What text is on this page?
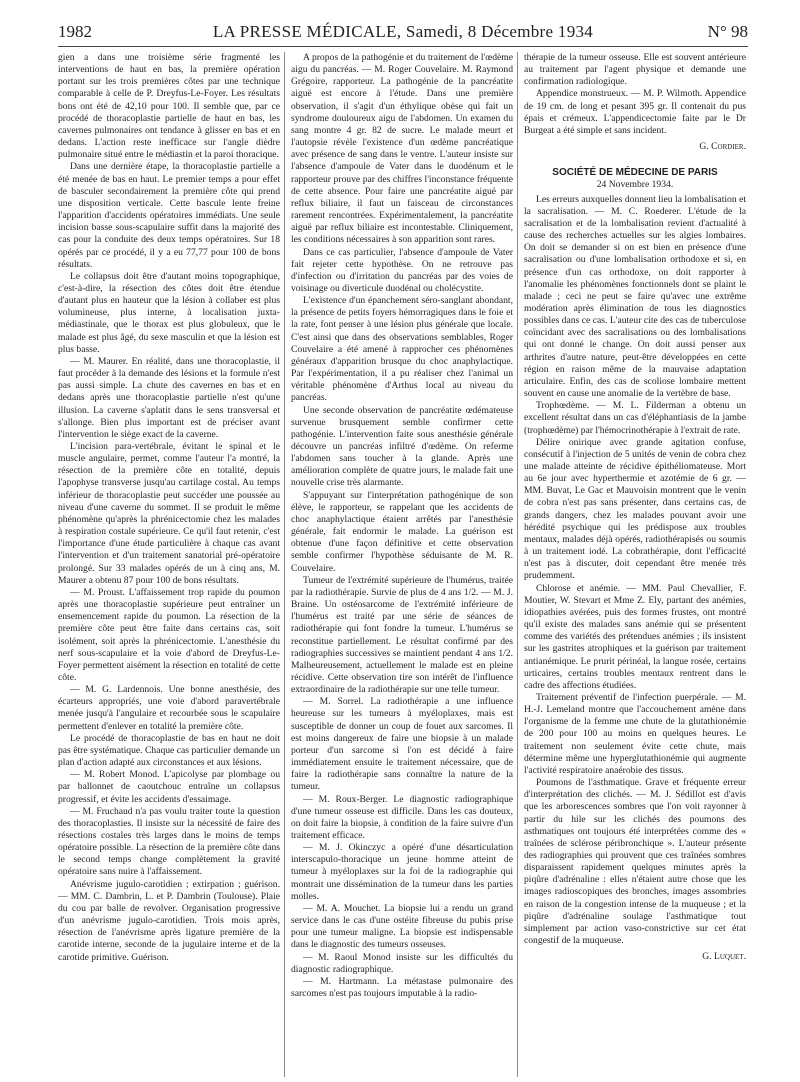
1982	LA PRESSE MÉDICALE, Samedi, 8 Décembre 1934	N° 98

gien a dans une troisième série fragmenté les interventions de haut en bas, la première opération portant sur les trois premières côtes par une technique comparable à celle de P. Dreyfus-Le-Foyer. Les résultats bons ont été de 42,10 pour 100. Il semble que, par ce procédé de thoracoplastie partielle de haut en bas, les cavernes pulmonaires ont tendance à glisser en bas et en dedans. L'action reste inefficace sur l'angle dièdre pulmonaire situé entre le médiastin et la paroi thoracique.

Dans une dernière étape, la thoracoplastie partielle a été menée de bas en haut. Le premier temps a pour effet de basculer secondairement la première côte qui prend une disposition verticale. Cette bascule lente freine l'apparition d'accidents opératoires immédiats. Une seule incision basse sous-scapulaire suffit dans la majorité des cas pour la conduite des deux temps opératoires. Sur 18 opérés par ce procédé, il y a eu 77,77 pour 100 de bons résultats.

Le collapsus doit être d'autant moins topographique, c'est-à-dire, la résection des côtes doit être étendue d'autant plus en hauteur que la lésion à collaber est plus volumineuse, plus interne, à localisation juxta-médiastinale, que le thorax est plus globuleux, que le malade est plus âgé, du sexe masculin et que la lésion est plus basse.

— M. Maurer. En réalité, dans une thoracoplastie, il faut procéder à la demande des lésions et la formule n'est pas aussi simple. La chute des cavernes en bas et en dedans après une thoracoplastie partielle n'est qu'une illusion. La caverne s'aplatit dans le sens transversal et s'allonge. Bien plus important est de préciser avant l'intervention le siège exact de la caverne.

L'incision para-vertébrale, évitant le spinal et le muscle angulaire, permet, comme l'auteur l'a montré, la résection de la première côte en totalité, depuis l'apophyse transverse jusqu'au cartilage costal. Au temps inférieur de thoracoplastie peut succéder une poussée au niveau d'une caverne du sommet. Il se produit le même phénomène qu'après la phrénicectomie chez les malades à respiration costale supérieure. Ce qu'il faut retenir, c'est l'importance d'une étude particulière à chaque cas avant l'intervention et d'un traitement sanatorial pré-opératoire prolongé. Sur 33 malades opérés de un à cinq ans, M. Maurer a obtenu 87 pour 100 de bons résultats.

— M. Proust. L'affaissement trop rapide du poumon après une thoracoplastie supérieure peut entraîner un ensemencement rapide du poumon. La résection de la première côte peut être faite dans certains cas, soit isolément, soit après la phrénicectomie. L'anesthésie du nerf sous-scapulaire et la voie d'abord de Dreyfus-Le-Foyer permettent aisément la résection en totalité de cette côte.

— M. G. Lardennois. Une bonne anesthésie, des écarteurs appropriés, une voie d'abord paravertébrale menée jusqu'à l'angulaire et recourbée sous le scapulaire permettent d'enlever en totalité la première côte.

Le procédé de thoracoplastie de bas en haut ne doit pas être systématique. Chaque cas particulier demande un plan d'action adapté aux circonstances et aux lésions.

— M. Robert Monod. L'apicolyse par plombage ou par ballonnet de caoutchouc entraîne un collapsus progressif, et évite les accidents d'essaimage.

— M. Fruchaud n'a pas voulu traiter toute la question des thoracoplasties. Il insiste sur la nécessité de faire des résections costales très larges dans le moins de temps opératoire possible. La résection de la première côte dans le second temps change complètement la gravité opératoire sans nuire à l'affaissement.

Anévrisme jugulo-carotidien ; extirpation ; guérison. — MM. C. Dambrin, L. et P. Dambrin (Toulouse). Plaie du cou par balle de revolver. Organisation progressive d'un anévrisme jugulo-carotidien. Trois mois après, résection de l'anévrisme après ligature première de la carotide interne, seconde de la jugulaire interne et de la carotide primitive. Guérison.

A propos de la pathogénie et du traitement de l'œdème aigu du pancréas. — M. Roger Couvelaire. M. Raymond Grégoire, rapporteur. La pathogénie de la pancréatite aiguë est encore à l'étude. Dans une première observation, il s'agit d'un éthylique obèse qui fait un syndrome douloureux aigu de l'abdomen. Un examen du sang montre 4 gr. 82 de sucre. Le malade meurt et l'autopsie révèle l'existence d'un œdème pancréatique avec présence de sang dans le ventre. L'auteur insiste sur l'absence d'ampoule de Vater dans le duodénum et le rapporteur prouve par des chiffres l'inconstance fréquente de cette absence. Pour faire une pancréatite aiguë par reflux biliaire, il faut un faisceau de circonstances rarement rencontrées. Expérimentalement, la pancréatite aiguë par reflux biliaire est incontestable. Cliniquement, les conditions nécessaires à son apparition sont rares.

Dans ce cas particulier, l'absence d'ampoule de Vater fait rejeter cette hypothèse. On ne retrouve pas d'infection ou d'irritation du pancréas par des voies de voisinage ou diverticule duodénal ou cholécystite.

L'existence d'un épanchement séro-sanglant abondant, la présence de petits foyers hémorragiques dans le foie et la rate, font penser à une lésion plus générale que locale. C'est ainsi que dans des observations semblables, Roger Couvelaire a été amené à rapprocher ces phénomènes généraux d'apparition brusque du choc anaphylactique. Par l'expérimentation, il a pu réaliser chez l'animal un véritable phénomène d'Arthus local au niveau du pancréas.

Une seconde observation de pancréatite œdémateuse survenue brusquement semble confirmer cette pathogénie. L'intervention faite sous anesthésie générale découvre un pancréas infiltré d'œdème. On referme l'abdomen sans toucher à la glande. Après une amélioration complète de quatre jours, le malade fait une nouvelle crise très alarmante.

S'appuyant sur l'interprétation pathogénique de son élève, le rapporteur, se rappelant que les accidents de choc anaphylactique étaient arrêtés par l'anesthésie générale, fait endormir le malade. La guérison est obtenue d'une façon définitive et cette observation semble confirmer l'hypothèse séduisante de M. R. Couvelaire.

Tumeur de l'extrémité supérieure de l'humérus, traitée par la radiothérapie. Survie de plus de 4 ans 1/2. — M. J. Braine. Un ostéosarcome de l'extrémité inférieure de l'humérus est traité par une série de séances de radiothérapie qui font fondre la tumeur. L'humérus se reconstitue partiellement. Le résultat confirmé par des radiographies successives se maintient pendant 4 ans 1/2. Malheureusement, actuellement le malade est en pleine récidive. Cette observation tire son intérêt de l'influence extraordinaire de la radiothérapie sur une telle tumeur.

— M. Sorrel. La radiothérapie a une influence heureuse sur les tumeurs à myéloplaxes, mais est susceptible de donner un coup de fouet aux sarcomes. Il est moins dangereux de faire une biopsie à un malade porteur d'un sarcome si l'on est décidé à faire immédiatement ensuite le traitement nécessaire, que de faire la radiothérapie sans connaître la nature de la tumeur.

— M. Roux-Berger. Le diagnostic radiographique d'une tumeur osseuse est difficile. Dans les cas douteux, on doit faire la biopsie, à condition de la faire suivre d'un traitement efficace.

— M. J. Okinczyc a opéré d'une désarticulation interscapulo-thoracique un jeune homme atteint de tumeur à myéloplaxes sur la foi de la radiographie qui montrait une dissémination de la tumeur dans les parties molles.

— M. A. Mouchet. La biopsie lui a rendu un grand service dans le cas d'une ostéite fibreuse du pubis prise pour une tumeur maligne. La biopsie est indispensable dans le diagnostic des tumeurs osseuses.

— M. Raoul Monod insiste sur les difficultés du diagnostic radiographique.

— M. Hartmann. La métastase pulmonaire des sarcomes n'est pas toujours imputable à la radio-

thérapie de la tumeur osseuse. Elle est souvent antérieure au traitement par l'agent physique et demande une confirmation radiologique.

Appendice monstrueux. — M. P. Wilmoth. Appendice de 19 cm. de long et pesant 395 gr. Il contenait du pus épais et crémeux. L'appendicectomie faite par le Dr Burgeat a été simple et sans incident.

G. Cordier.

SOCIÉTÉ DE MÉDECINE DE PARIS

24 Novembre 1934.

Les erreurs auxquelles donnent lieu la lombalisation et la sacralisation. — M. C. Roederer. L'étude de la sacralisation et de la lombalisation revient d'actualité à cause des recherches actuelles sur les algies lombaires. On doit se demander si on est bien en présence d'une sacralisation ou d'une lombalisation orthodoxe et si, en présence d'un cas orthodoxe, on doit rapporter à l'anomalie les phénomènes fonctionnels dont se plaint le malade ; ceci ne peut se faire qu'avec une extrême modération après élimination de tous les diagnostics possibles dans ce cas. L'auteur cite des cas de tuberculose coïncidant avec des sacralisations ou des lombalisations qui ont donné le change. On doit aussi penser aux arthrites d'autre nature, peut-être développées en cette région en raison même de la mauvaise adaptation articulaire. Enfin, des cas de scoliose lombaire mettent souvent en cause une anomalie de la vertèbre de base.

Trophœdème. — M. L. Filderman a obtenu un excellent résultat dans un cas d'éléphantiasis de la jambe (trophœdème) par l'hémocrinothérapie à l'extrait de rate.

Délire onirique avec grande agitation confuse, consécutif à l'injection de 5 unités de venin de cobra chez une malade atteinte de récidive épithéliomateuse. Mort au 6e jour avec hyperthermie et azotémie de 6 gr. — MM. Buvat, Le Gac et Mauvoisin montrent que le venin de cobra n'est pas sans présenter, dans certains cas, de grands dangers, chez les malades pouvant avoir une hérédité psychique qui les prédispose aux troubles mentaux, malades déjà opérés, radiothérapisés ou soumis à un traitement iodé. La cobrathérapie, dont l'efficacité n'est pas à discuter, doit cependant être menée très prudemment.

Chlorose et anémie. — MM. Paul Chevallier, F. Moutier, W. Stevart et Mme Z. Ely, partant des anémies, idiopathies avérées, puis des formes frustes, ont montré qu'il existe des malades sans anémie qui se présentent comme des variétés des prétendues anémies ; ils insistent sur les gastrites atrophiques et la guérison par traitement antianémique. Le prurit périnéal, la langue rosée, certains urticaires, certains troubles mentaux rentrent dans le cadre des affections étudiées.

Traitement préventif de l'infection puerpérale. — M. H.-J. Lemeland montre que l'accouchement amène dans l'organisme de la femme une chute de la glutathionémie de 200 pour 100 au moins en quelques heures. Le traitement non seulement évite cette chute, mais détermine même une hyperglutathionémie qui augmente l'activité respiratoire anaérobie des tissus.

Poumons de l'asthmatique. Grave et fréquente erreur d'interprétation des clichés. — M. J. Sédillot est d'avis que les arborescences sombres que l'on voit rayonner à partir du hile sur les clichés des poumons des asthmatiques ont toujours été interprétées comme des « traînées de sclérose péribronchique ». L'auteur présente des radiographies qui prouvent que ces traînées sombres disparaissent rapidement quelques minutes après la piqûre d'adrénaline : elles n'étaient autre chose que les images radioscopiques des bronches, images assombries en raison de la congestion intense de la muqueuse ; et la piqûre d'adrénaline soulage l'asthmatique tout simplement par action vaso-constrictive sur cet état congestif de la muqueuse.

G. Luquet.
